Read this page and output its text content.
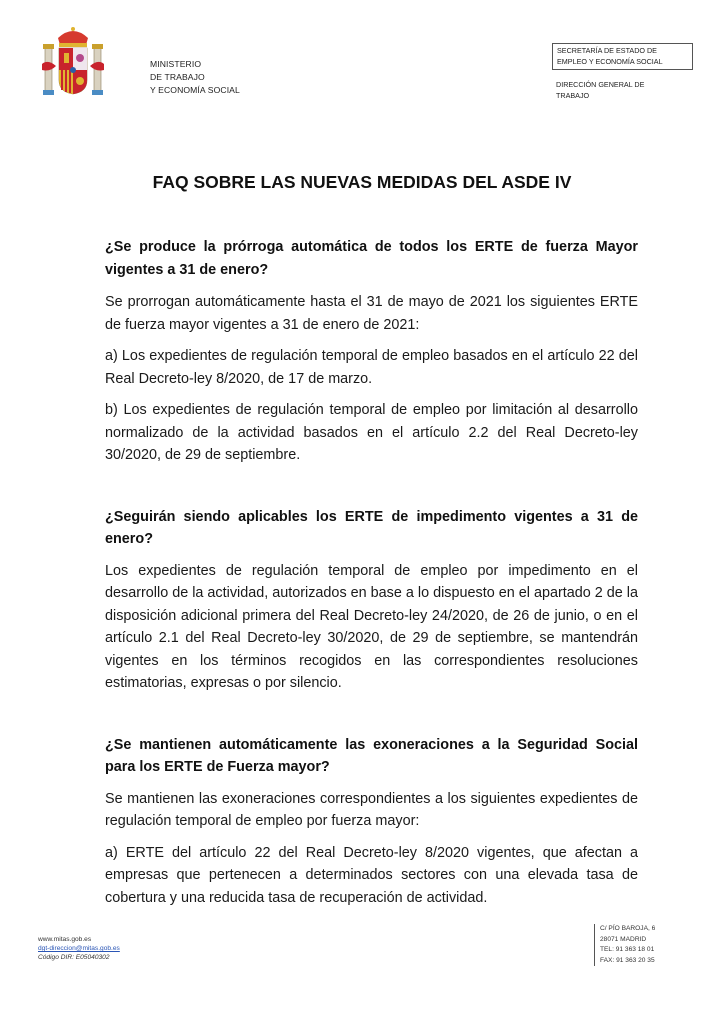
MINISTERIO
DE TRABAJO
Y ECONOMÍA SOCIAL
SECRETARÍA DE ESTADO DE
EMPLEO Y ECONOMÍA SOCIAL
DIRECCIÓN GENERAL DE
TRABAJO
FAQ SOBRE LAS NUEVAS MEDIDAS DEL ASDE IV

¿Se produce la prórroga automática de todos los ERTE de fuerza Mayor vigentes a 31 de enero?

Se prorrogan automáticamente hasta el 31 de mayo de 2021 los siguientes ERTE de fuerza mayor vigentes a 31 de enero de 2021:

a) Los expedientes de regulación temporal de empleo basados en el artículo 22 del Real Decreto-ley 8/2020, de 17 de marzo.

b) Los expedientes de regulación temporal de empleo por limitación al desarrollo normalizado de la actividad basados en el artículo 2.2 del Real Decreto-ley 30/2020, de 29 de septiembre.

¿Seguirán siendo aplicables los ERTE de impedimento vigentes a 31 de enero?

Los expedientes de regulación temporal de empleo por impedimento en el desarrollo de la actividad, autorizados en base a lo dispuesto en el apartado 2 de la disposición adicional primera del Real Decreto-ley 24/2020, de 26 de junio, o en el artículo 2.1 del Real Decreto-ley 30/2020, de 29 de septiembre, se mantendrán vigentes en los términos recogidos en las correspondientes resoluciones estimatorias, expresas o por silencio.

¿Se mantienen automáticamente las exoneraciones a la Seguridad Social para los ERTE de Fuerza mayor?

Se mantienen las exoneraciones correspondientes a los siguientes expedientes de regulación temporal de empleo por fuerza mayor:

a) ERTE del artículo 22 del Real Decreto-ley 8/2020 vigentes, que afectan a empresas que pertenecen a determinados sectores con una elevada tasa de cobertura y una reducida tasa de recuperación de actividad.

www.mitas.gob.es
dgt-direccion@mitas.gob.es
Código DIR: E05040302
C/ PÍO BAROJA, 6
28071 MADRID
TEL: 91 363 18 01
FAX: 91 363 20 35
